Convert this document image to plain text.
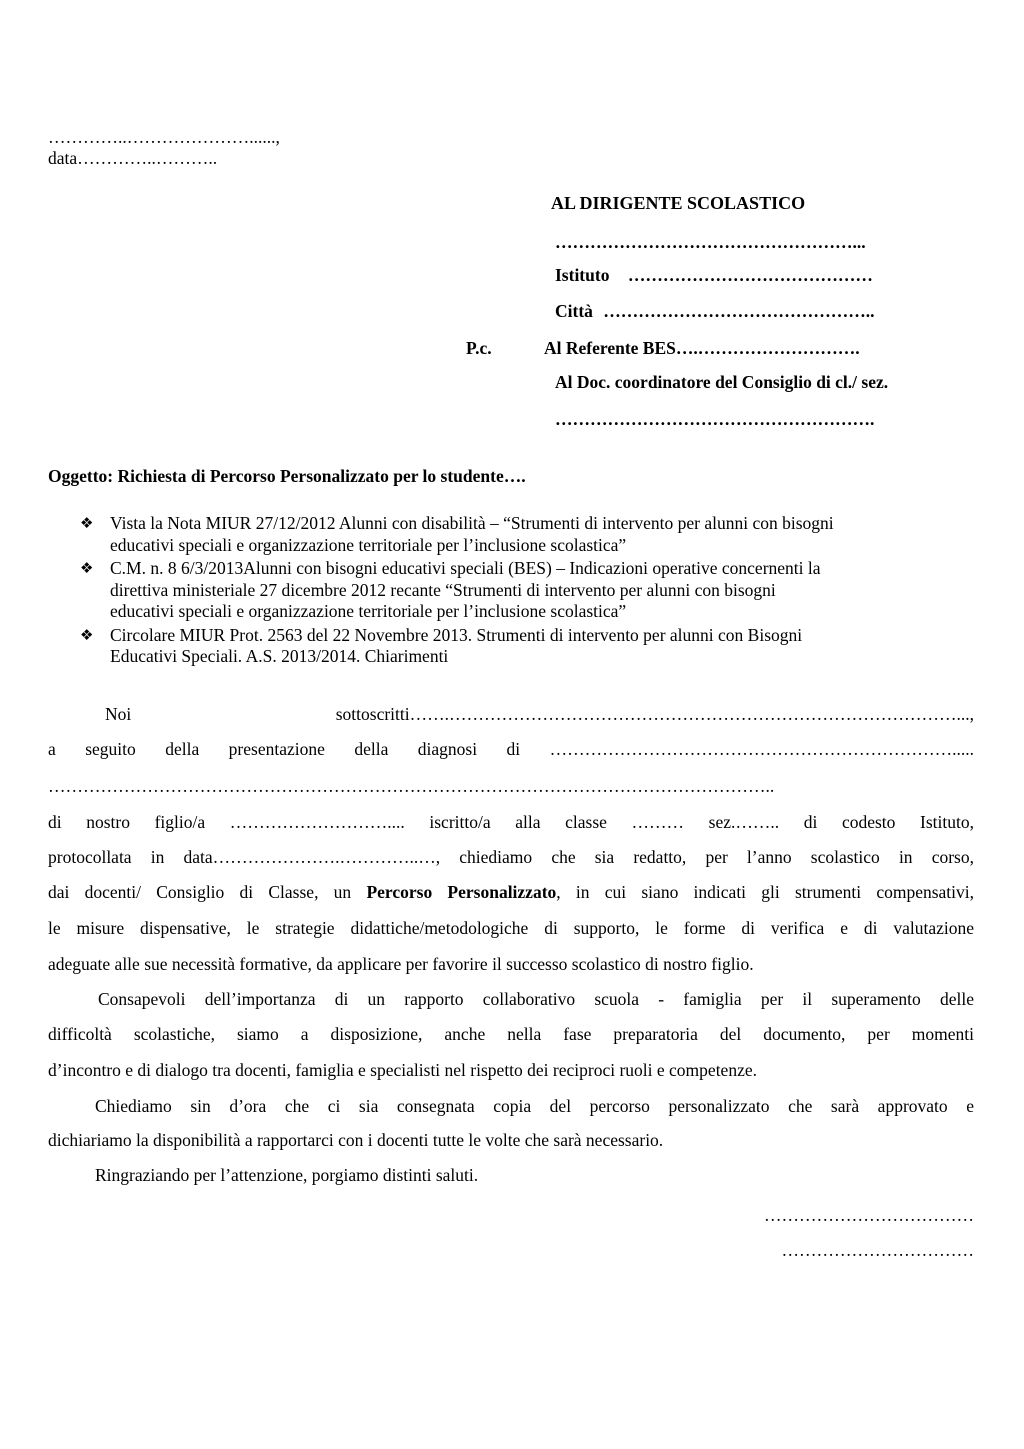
…………..…………………......,
data…………..………..
AL DIRIGENTE SCOLASTICO
……………………………………………...
Istituto ……………………………………
Città ………………………………………..
P.c.	Al Referente BES….……………………….
Al Doc. coordinatore del Consiglio di cl./ sez.
……………………………………………….
Oggetto: Richiesta di Percorso Personalizzato per lo studente….
❖ Vista la Nota MIUR 27/12/2012 Alunni con disabilità – “Strumenti di intervento per alunni con bisogni
educativi speciali e organizzazione territoriale per l’inclusione scolastica”
❖ C.M. n. 8 6/3/2013Alunni con bisogni educativi speciali (BES) – Indicazioni operative concernenti la
direttiva ministeriale 27 dicembre 2012 recante “Strumenti di intervento per alunni con bisogni
educativi speciali e organizzazione territoriale per l’inclusione scolastica”
❖ Circolare MIUR Prot. 2563 del 22 Novembre 2013. Strumenti di intervento per alunni con Bisogni
Educativi Speciali. A.S. 2013/2014. Chiarimenti
Noi sottoscritti…….……………………………………………………………………………...,
a seguito della presentazione della diagnosi di …………………………………………………………….....
……………………………………………………………………………………………………………..
di nostro figlio/a ……………………….... iscritto/a alla classe ……… sez.…….. di codesto Istituto,
protocollata in data………………….…………..…, chiediamo che sia redatto, per l’anno scolastico in corso,
dai docenti/ Consiglio di Classe, un Percorso Personalizzato, in cui siano indicati gli strumenti compensativi,
le misure dispensative, le strategie didattiche/metodologiche di supporto, le forme di verifica e di valutazione
adeguate alle sue necessità formative, da applicare per favorire il successo scolastico di nostro figlio.
Consapevoli dell’importanza di un rapporto collaborativo scuola - famiglia per il superamento delle
difficoltà scolastiche, siamo a disposizione, anche nella fase preparatoria del documento, per momenti
d’incontro e di dialogo tra docenti, famiglia e specialisti nel rispetto dei reciproci ruoli e competenze.
Chiediamo sin d’ora che ci sia consegnata copia del percorso personalizzato che sarà approvato e
dichiariamo la disponibilità a rapportarci con i docenti tutte le volte che sarà necessario.
Ringraziando per l’attenzione, porgiamo distinti saluti.
………………………………
……………………………
